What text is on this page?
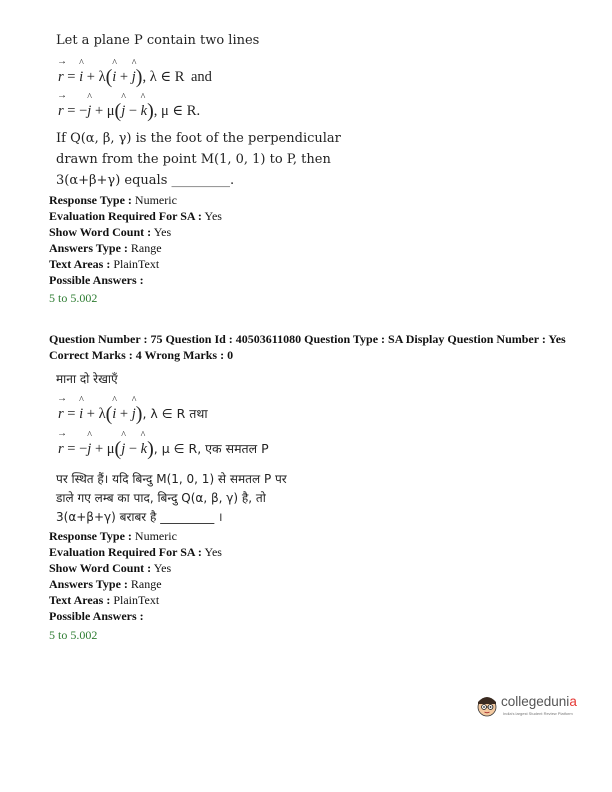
Let a plane P contain two lines
→ r = ^ i + λ(^ i + ^ j), λ ∈ R and
→ r = −^ j + μ(^ j − ^ k), μ ∈ R.
If Q(α, β, γ) is the foot of the perpendicular
drawn from the point M(1, 0, 1) to P, then
3(α+β+γ) equals _________.
Response Type : Numeric
Evaluation Required For SA : Yes
Show Word Count : Yes
Answers Type : Range
Text Areas : PlainText
Possible Answers :
5 to 5.002
Question Number : 75 Question Id : 40503611080 Question Type : SA Display Question Number : Yes
Correct Marks : 4 Wrong Marks : 0
माना दो रेखाएँ
→ r = ^ i + λ(^ i + ^ j), λ ∈ R तथा
→ r = −^ j + μ(^ j − ^ k), μ ∈ R, एक समतल P
पर स्थित हैं। यदि बिन्दु M(1, 0, 1) से समतल P पर
डाले गए लम्ब का पाद, बिन्दु Q(α, β, γ) है, तो
3(α+β+γ) बराबर है _________ ।
Response Type : Numeric
Evaluation Required For SA : Yes
Show Word Count : Yes
Answers Type : Range
Text Areas : PlainText
Possible Answers :
5 to 5.002
collegedunia
India's largest Student Review Platform
